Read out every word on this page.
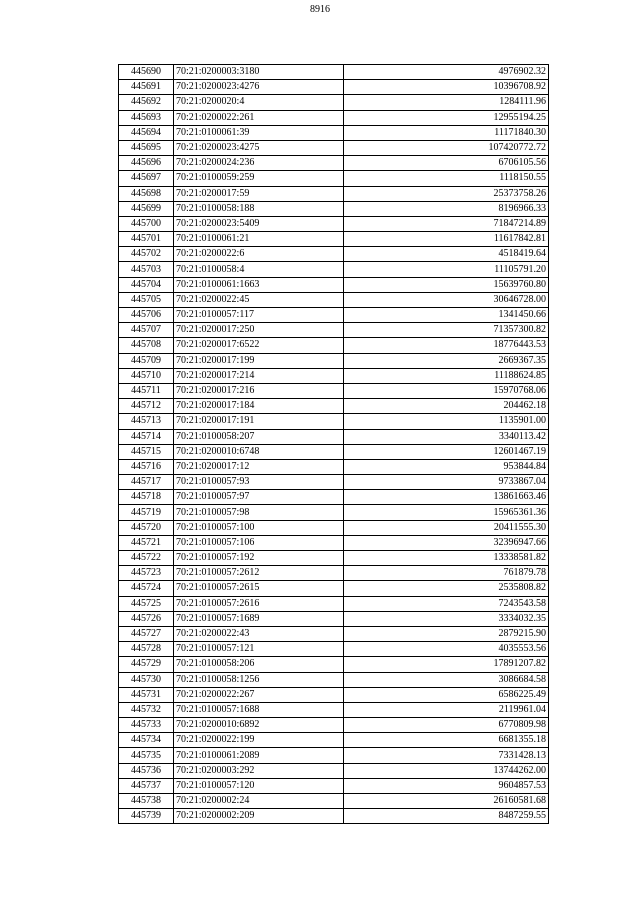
8916
445690	70:21:0200003:3180	4976902.32
445691	70:21:0200023:4276	10396708.92
445692	70:21:0200020:4	1284111.96
445693	70:21:0200022:261	12955194.25
445694	70:21:0100061:39	11171840.30
445695	70:21:0200023:4275	107420772.72
445696	70:21:0200024:236	6706105.56
445697	70:21:0100059:259	1118150.55
445698	70:21:0200017:59	25373758.26
445699	70:21:0100058:188	8196966.33
445700	70:21:0200023:5409	71847214.89
445701	70:21:0100061:21	11617842.81
445702	70:21:0200022:6	4518419.64
445703	70:21:0100058:4	11105791.20
445704	70:21:0100061:1663	15639760.80
445705	70:21:0200022:45	30646728.00
445706	70:21:0100057:117	1341450.66
445707	70:21:0200017:250	71357300.82
445708	70:21:0200017:6522	18776443.53
445709	70:21:0200017:199	2669367.35
445710	70:21:0200017:214	11188624.85
445711	70:21:0200017:216	15970768.06
445712	70:21:0200017:184	204462.18
445713	70:21:0200017:191	1135901.00
445714	70:21:0100058:207	3340113.42
445715	70:21:0200010:6748	12601467.19
445716	70:21:0200017:12	953844.84
445717	70:21:0100057:93	9733867.04
445718	70:21:0100057:97	13861663.46
445719	70:21:0100057:98	15965361.36
445720	70:21:0100057:100	20411555.30
445721	70:21:0100057:106	32396947.66
445722	70:21:0100057:192	13338581.82
445723	70:21:0100057:2612	761879.78
445724	70:21:0100057:2615	2535808.82
445725	70:21:0100057:2616	7243543.58
445726	70:21:0100057:1689	3334032.35
445727	70:21:0200022:43	2879215.90
445728	70:21:0100057:121	4035553.56
445729	70:21:0100058:206	17891207.82
445730	70:21:0100058:1256	3086684.58
445731	70:21:0200022:267	6586225.49
445732	70:21:0100057:1688	2119961.04
445733	70:21:0200010:6892	6770809.98
445734	70:21:0200022:199	6681355.18
445735	70:21:0100061:2089	7331428.13
445736	70:21:0200003:292	13744262.00
445737	70:21:0100057:120	9604857.53
445738	70:21:0200002:24	26160581.68
445739	70:21:0200002:209	8487259.55
